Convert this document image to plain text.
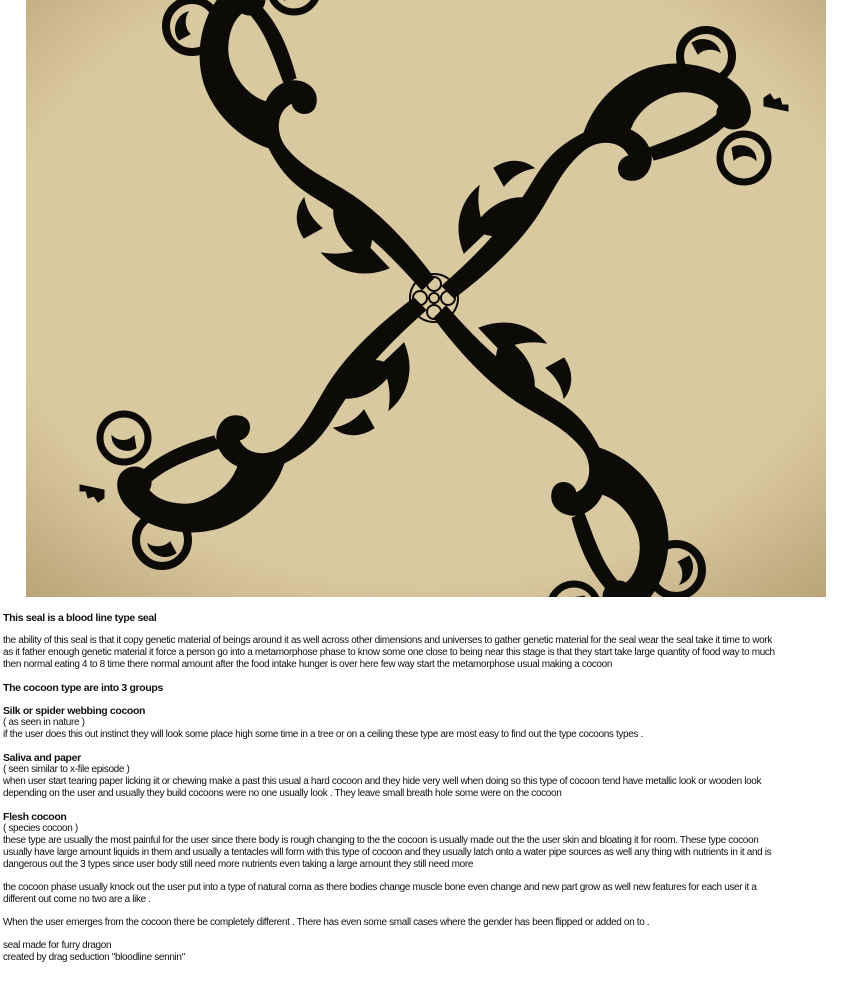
This seal is a blood line type seal

the ability of this seal is that it copy genetic material of beings around it as well across other dimensions and universes to gather genetic material for the seal wear the seal take it time to work

as it father enough genetic material it force a person go into a metamorphose phase to know some one close to being near this stage is that they start take large quantity of food way to much

then normal eating 4 to 8 time there normal amount after the food intake hunger is over here few way start the metamorphose usual making a cocoon

The cocoon type are into 3 groups

Silk or spider webbing cocoon

( as seen in nature )

if the user does this out instinct they will look some place high some time in a tree or on a ceiling these type are most easy to find out the type cocoons types .

Saliva and paper

( seen similar to x-file episode )

when user start tearing paper licking iit or chewing make a past this usual a hard cocoon and they hide very well when doing so this type of cocoon tend have metallic look or wooden look

depending on the user and usually they build cocoons were no one usually look . They leave small breath hole some were on the cocoon

Flesh cocoon

( species cocoon )

these type are usually the most painful for the user since there body is rough changing to the the cocoon is usually made out the the user skin and bloating it for room. These type cocoon

usually have large amount liquids in them and usually a tentacles will form with this type of cocoon and they usually latch onto a water pipe sources as well any thing with nutrients in it and is

dangerous out the 3 types since user body still need more nutrients even taking a large amount they still need more

the cocoon phase usually knock out the user put into a type of natural coma as there bodies change muscle bone even change and new part grow as well new features for each user it a

different out come no two are a like .

When the user emerges from the cocoon there be completely different . There has even some small cases where the gender has been flipped or added on to .

seal made for furry dragon

created by drag seduction "bloodline sennin"
